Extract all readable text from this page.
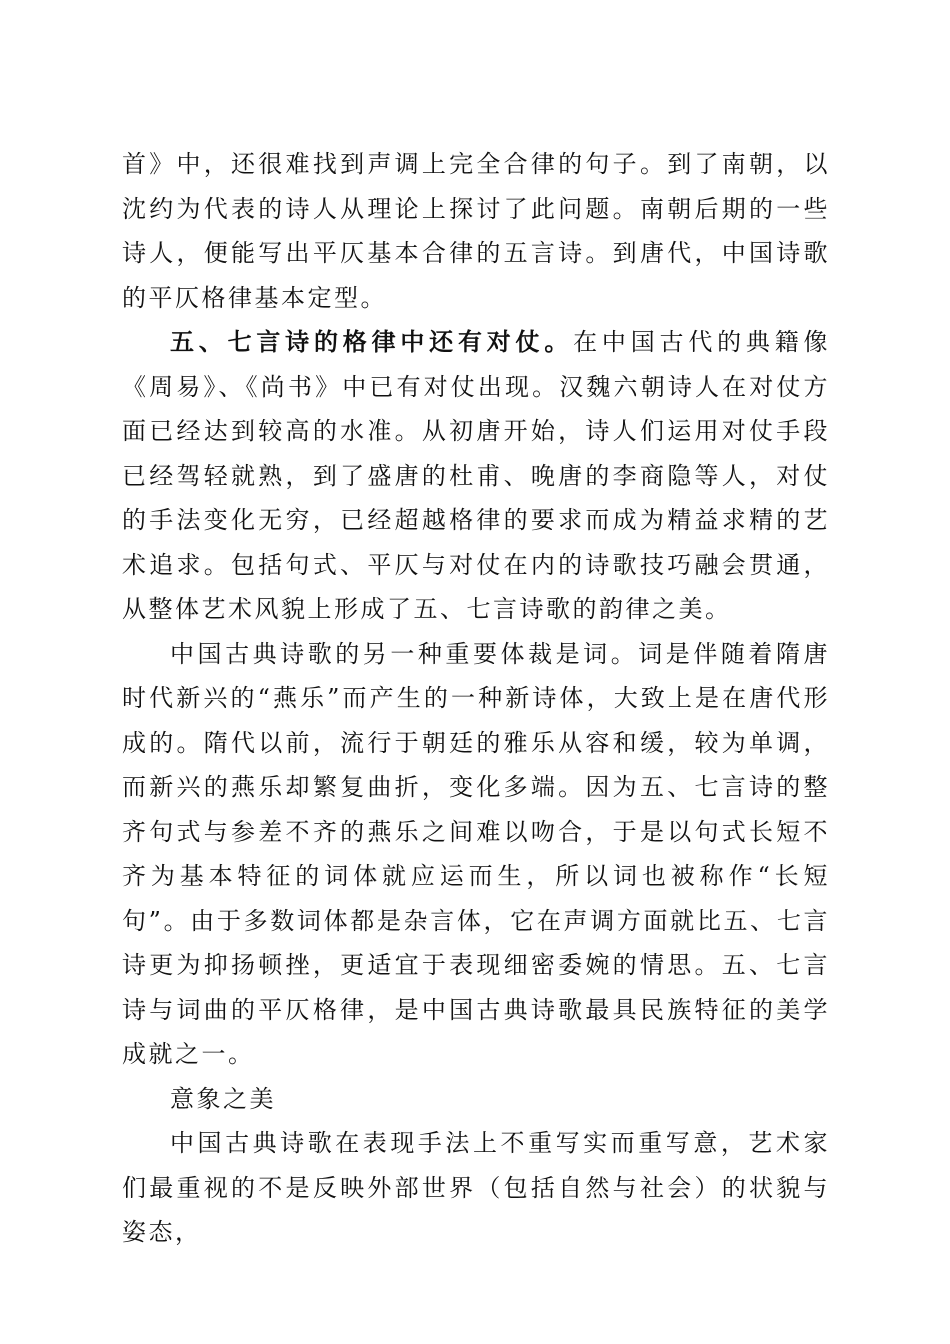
首》中，还很难找到声调上完全合律的句子。到了南朝，以沈约为代表的诗人从理论上探讨了此问题。南朝后期的一些诗人，便能写出平仄基本合律的五言诗。到唐代，中国诗歌的平仄格律基本定型。

五、七言诗的格律中还有对仗。在中国古代的典籍像《周易》、《尚书》中已有对仗出现。汉魏六朝诗人在对仗方面已经达到较高的水准。从初唐开始，诗人们运用对仗手段已经驾轻就熟，到了盛唐的杜甫、晚唐的李商隐等人，对仗的手法变化无穷，已经超越格律的要求而成为精益求精的艺术追求。包括句式、平仄与对仗在内的诗歌技巧融会贯通，从整体艺术风貌上形成了五、七言诗歌的韵律之美。

中国古典诗歌的另一种重要体裁是词。词是伴随着隋唐时代新兴的“燕乐”而产生的一种新诗体，大致上是在唐代形成的。隋代以前，流行于朝廷的雅乐从容和缓，较为单调，而新兴的燕乐却繁复曲折，变化多端。因为五、七言诗的整齐句式与参差不齐的燕乐之间难以吻合，于是以句式长短不齐为基本特征的词体就应运而生，所以词也被称作“长短句”。由于多数词体都是杂言体，它在声调方面就比五、七言诗更为抑扬顿挫，更适宜于表现细密委婉的情思。五、七言诗与词曲的平仄格律，是中国古典诗歌最具民族特征的美学成就之一。

意象之美

中国古典诗歌在表现手法上不重写实而重写意，艺术家们最重视的不是反映外部世界（包括自然与社会）的状貌与姿态，
